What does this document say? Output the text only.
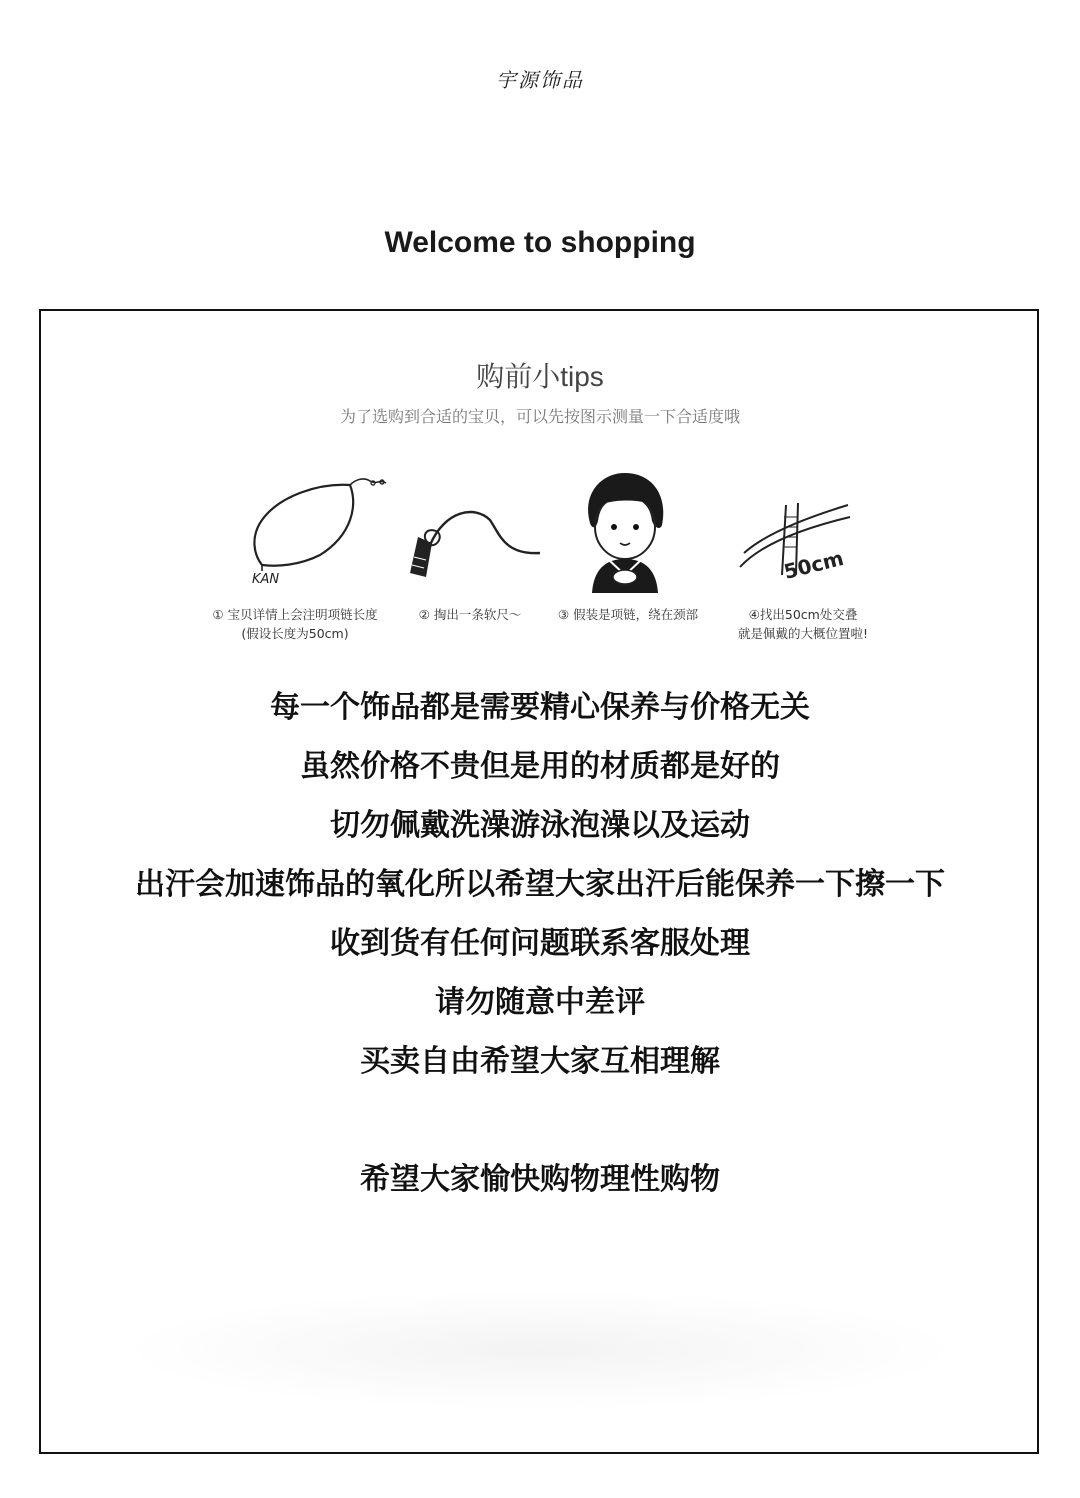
宇源饰品
Welcome to shopping
购前小tips
为了选购到合适的宝贝，可以先按图示测量一下合适度哦
KAN	50cm
① 宝贝详情上会注明项链长度
(假设长度为50cm)
② 掏出一条软尺～	③ 假装是项链，绕在颈部	④找出50cm处交叠
就是佩戴的大概位置啦!
每一个饰品都是需要精心保养与价格无关
虽然价格不贵但是用的材质都是好的
切勿佩戴洗澡游泳泡澡以及运动
出汗会加速饰品的氧化所以希望大家出汗后能保养一下擦一下
收到货有任何问题联系客服处理
请勿随意中差评
买卖自由希望大家互相理解
希望大家愉快购物理性购物
